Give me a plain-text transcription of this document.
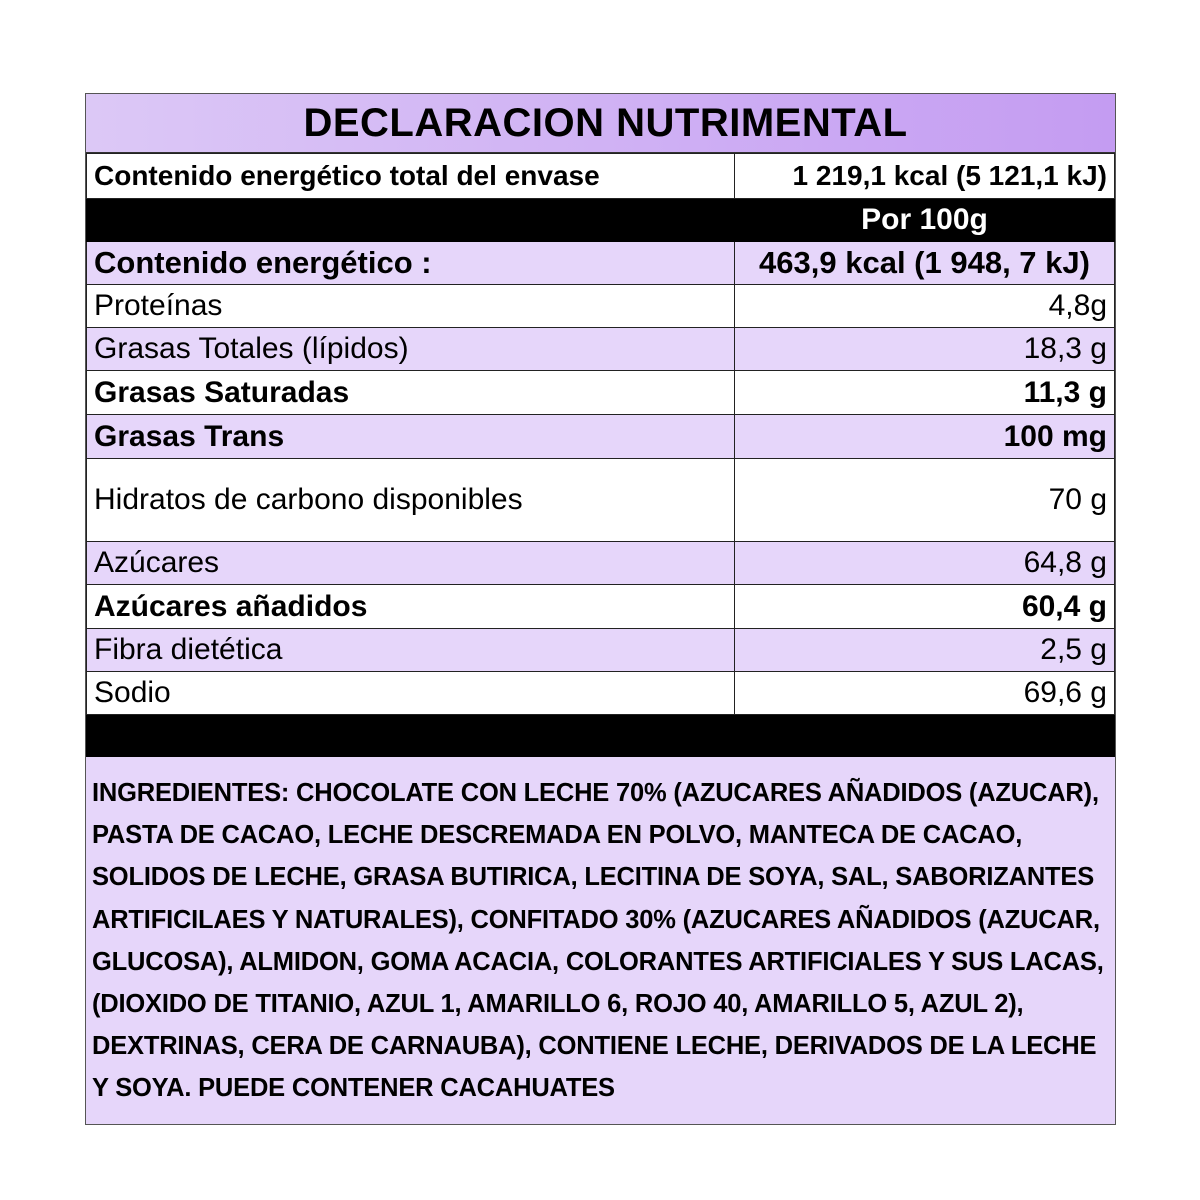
DECLARACION NUTRIMENTAL
Contenido energético total del envase	1 219,1 kcal (5 121,1 kJ)
	Por 100g
Contenido energético :	463,9 kcal (1 948, 7 kJ)
Proteínas	4,8g
Grasas Totales (lípidos)	18,3 g
Grasas Saturadas	11,3 g
Grasas Trans	100 mg
Hidratos de carbono disponibles	70 g
Azúcares	64,8 g
Azúcares añadidos	60,4 g
Fibra dietética	2,5 g
Sodio	69,6 g
INGREDIENTES: CHOCOLATE CON LECHE 70% (AZUCARES AÑADIDOS (AZUCAR), PASTA DE CACAO, LECHE DESCREMADA EN POLVO, MANTECA DE CACAO, SOLIDOS DE LECHE, GRASA BUTIRICA, LECITINA DE SOYA, SAL, SABORIZANTES ARTIFICILAES Y NATURALES), CONFITADO 30% (AZUCARES AÑADIDOS (AZUCAR, GLUCOSA), ALMIDON, GOMA ACACIA, COLORANTES ARTIFICIALES Y SUS LACAS, (DIOXIDO DE TITANIO, AZUL 1, AMARILLO 6, ROJO 40, AMARILLO 5, AZUL 2), DEXTRINAS, CERA DE CARNAUBA), CONTIENE LECHE, DERIVADOS DE LA LECHE Y SOYA. PUEDE CONTENER CACAHUATES
